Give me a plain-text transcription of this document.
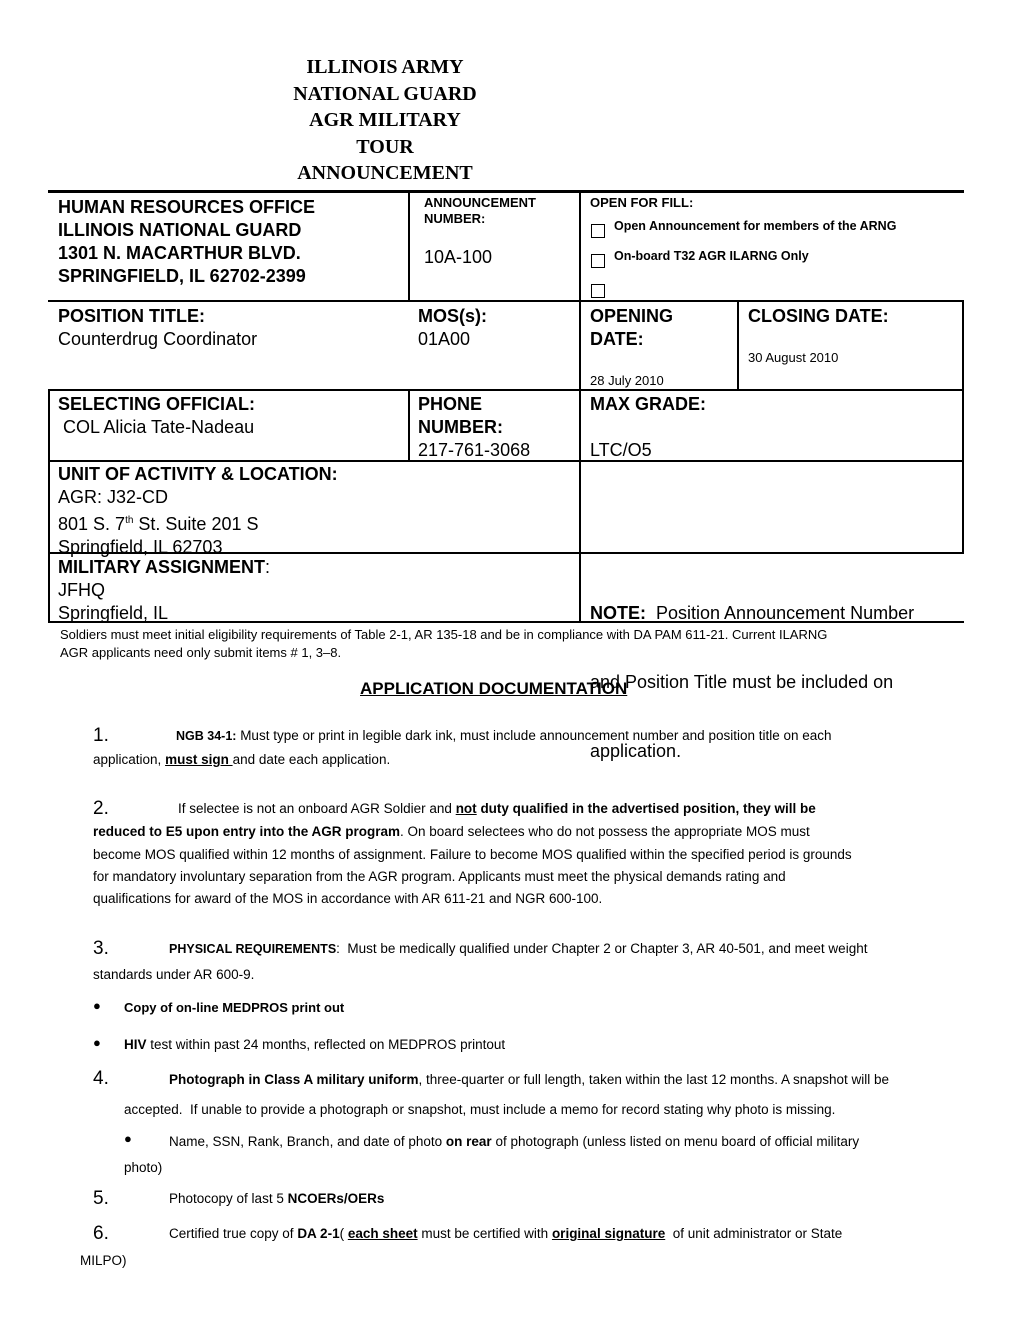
ILLINOIS ARMY
NATIONAL GUARD
AGR MILITARY
TOUR
ANNOUNCEMENT
HUMAN RESOURCES OFFICE
ILLINOIS NATIONAL GUARD
1301 N. MACARTHUR BLVD.
SPRINGFIELD, IL 62702-2399
ANNOUNCEMENT
NUMBER:
10A-100
OPEN FOR FILL:
Open Announcement for members of the ARNG
On-board T32 AGR ILARNG Only
POSITION TITLE:
Counterdrug Coordinator
MOS(s):
01A00
OPENING
DATE:
28 July 2010
CLOSING DATE:
30 August 2010
SELECTING OFFICIAL:
COL Alicia Tate-Nadeau
PHONE
NUMBER:
217-761-3068
MAX GRADE:
LTC/O5
UNIT OF ACTIVITY & LOCATION:
AGR: J32-CD
801 S. 7th St. Suite 201 S
Springfield, IL 62703
MILITARY ASSIGNMENT:
JFHQ
Springfield, IL

	NOTE:  Position Announcement Number

and Position Title must be included on

application.

Soldiers must meet initial eligibility requirements of Table 2-1, AR 135-18 and be in compliance with DA PAM 611-21. Current ILARNG
AGR applicants need only submit items # 1, 3–8.
APPLICATION DOCUMENTATION
1.	NGB 34-1: Must type or print in legible dark ink, must include announcement number and position title on each
application, must sign and date each application.
2.	If selectee is not an onboard AGR Soldier and not duty qualified in the advertised position, they will be
reduced to E5 upon entry into the AGR program. On board selectees who do not possess the appropriate MOS must
become MOS qualified within 12 months of assignment. Failure to become MOS qualified within the specified period is grounds
for mandatory involuntary separation from the AGR program. Applicants must meet the physical demands rating and
qualifications for award of the MOS in accordance with AR 611-21 and NGR 600-100.
3.	PHYSICAL REQUIREMENTS:  Must be medically qualified under Chapter 2 or Chapter 3, AR 40-501, and meet weight
standards under AR 600-9.
● Copy of on-line MEDPROS print out
● HIV test within past 24 months, reflected on MEDPROS printout
4.	Photograph in Class A military uniform, three-quarter or full length, taken within the last 12 months. A snapshot will be
accepted.  If unable to provide a photograph or snapshot, must include a memo for record stating why photo is missing.
●	Name, SSN, Rank, Branch, and date of photo on rear of photograph (unless listed on menu board of official military
photo)
5.	Photocopy of last 5 NCOERs/OERs
6.	Certified true copy of DA 2-1( each sheet must be certified with original signature  of unit administrator or State
MILPO)
